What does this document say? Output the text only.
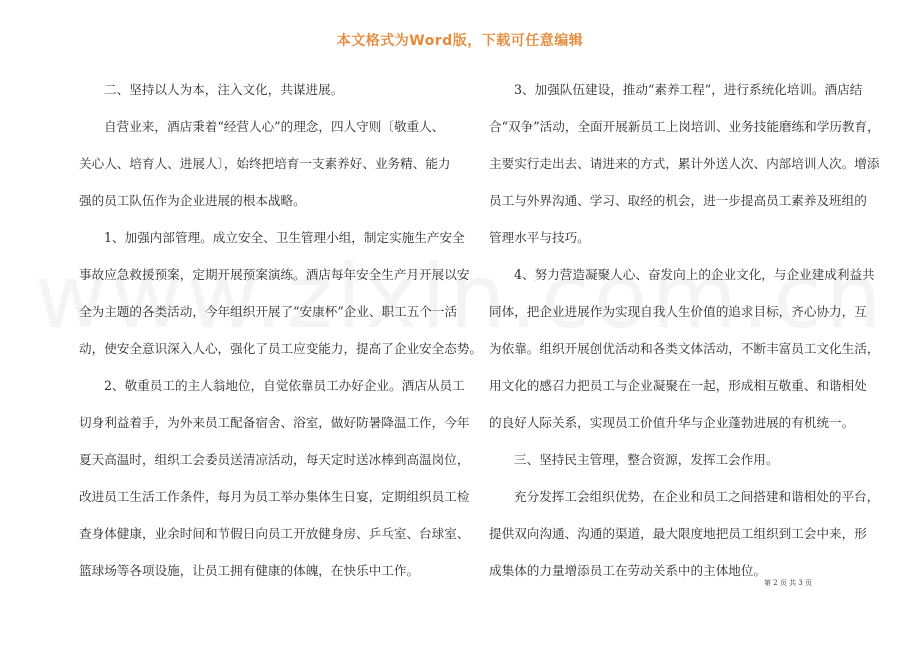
本文格式为Word版，下载可任意编辑
二、坚持以人为本，注入文化，共谋进展。
自营业来，酒店秉着“经营人心”的理念，四人守则〔敬重人、
关心人、培育人、进展人〕，始终把培育一支素养好、业务精、能力
强的员工队伍作为企业进展的根本战略。
1、加强内部管理。成立安全、卫生管理小组，制定实施生产安全
事故应急救援预案，定期开展预案演练。酒店每年安全生产月开展以安
全为主题的各类活动，今年组织开展了“安康杯”企业、职工五个一活
动，使安全意识深入人心，强化了员工应变能力，提高了企业安全态势。
2、敬重员工的主人翁地位，自觉依靠员工办好企业。酒店从员工
切身利益着手，为外来员工配备宿舍、浴室，做好防暑降温工作，今年
夏天高温时，组织工会委员送清凉活动，每天定时送冰棒到高温岗位，
改进员工生活工作条件，每月为员工举办集体生日宴，定期组织员工检
查身体健康，业余时间和节假日向员工开放健身房、乒乓室、台球室、
篮球场等各项设施，让员工拥有健康的体魄，在快乐中工作。
3、加强队伍建设，推动“素养工程”，进行系统化培训。酒店结
合“双争”活动，全面开展新员工上岗培训、业务技能磨练和学历教育，
主要实行走出去、请进来的方式，累计外送人次、内部培训人次。增添
员工与外界沟通、学习、取经的机会，进一步提高员工素养及班组的
管理水平与技巧。
4、努力营造凝聚人心、奋发向上的企业文化，与企业建成利益共
同体，把企业进展作为实现自我人生价值的追求目标，齐心协力，互
为依靠。组织开展创优活动和各类文体活动，不断丰富员工文化生活，
用文化的感召力把员工与企业凝聚在一起，形成相互敬重、和谐相处
的良好人际关系，实现员工价值升华与企业蓬勃进展的有机统一。
三、坚持民主管理，整合资源，发挥工会作用。
充分发挥工会组织优势，在企业和员工之间搭建和谐相处的平台，
提供双向沟通、沟通的渠道，最大限度地把员工组织到工会中来，形
成集体的力量增添员工在劳动关系中的主体地位。
第 2 页 共 3 页
